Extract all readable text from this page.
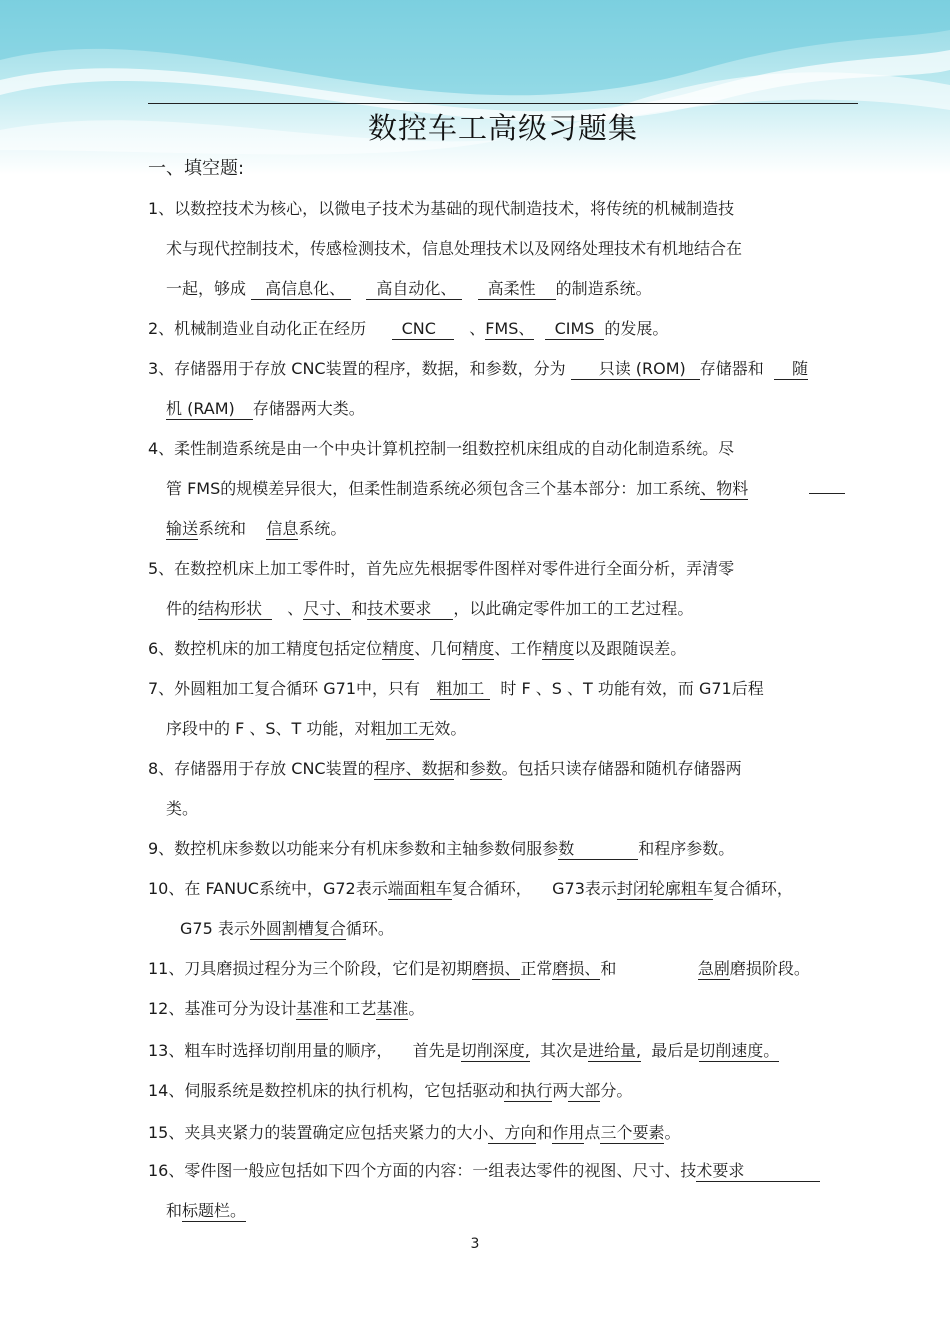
数控车工高级习题集
一、填空题:
1、以数控技术为核心，以微电子技术为基础的现代制造技术，将传统的机械制造技
术与现代控制技术，传感检测技术，信息处理技术以及网络处理技术有机地结合在
一起，够成 高信息化、 高自动化、 高柔性 的制造系统。
2、机械制造业自动化正在经历 CNC 、FMS、 CIMS 的发展。
3、存储器用于存放 CNC装置的程序，数据，和参数，分为 只读 (ROM) 存储器和 随
机 (RAM) 存储器两大类。
4、柔性制造系统是由一个中央计算机控制一组数控机床组成的自动化制造系统。尽
管 FMS的规模差异很大，但柔性制造系统必须包含三个基本部分：加工系统、物料
输送系统和    信息系统。
5、在数控机床上加工零件时，首先应先根据零件图样对零件进行全面分析，弄清零
件的结构形状 、尺寸、和技术要求 ，以此确定零件加工的工艺过程。
6、数控机床的加工精度包括定位精度、几何精度、工作精度以及跟随误差。
7、外圆粗加工复合循环 G71中，只有 粗加工 时 F 、S 、T 功能有效，而 G71后程
序段中的 F 、S、T 功能，对粗加工无效。
8、存储器用于存放 CNC装置的程序、数据和参数。包括只读存储器和随机存储器两
类。
9、数控机床参数以功能来分有机床参数和主轴参数伺服参数	和程序参数。
10、在 FANUC系统中，G72表示端面粗车复合循环，    G73表示封闭轮廓粗车复合循环，
G75 表示外圆割槽复合循环。
11、刀具磨损过程分为三个阶段，它们是初期磨损、正常磨损、和	急剧磨损阶段。
12、基准可分为设计基准和工艺基准。
13、粗车时选择切削用量的顺序，    首先是切削深度,  其次是进给量,  最后是切削速度。
14、伺服系统是数控机床的执行机构，它包括驱动和执行两大部分。
15、夹具夹紧力的装置确定应包括夹紧力的大小、方向和作用点三个要素。
16、零件图一般应包括如下四个方面的内容：一组表达零件的视图、尺寸、技术要求
和标题栏。
3
